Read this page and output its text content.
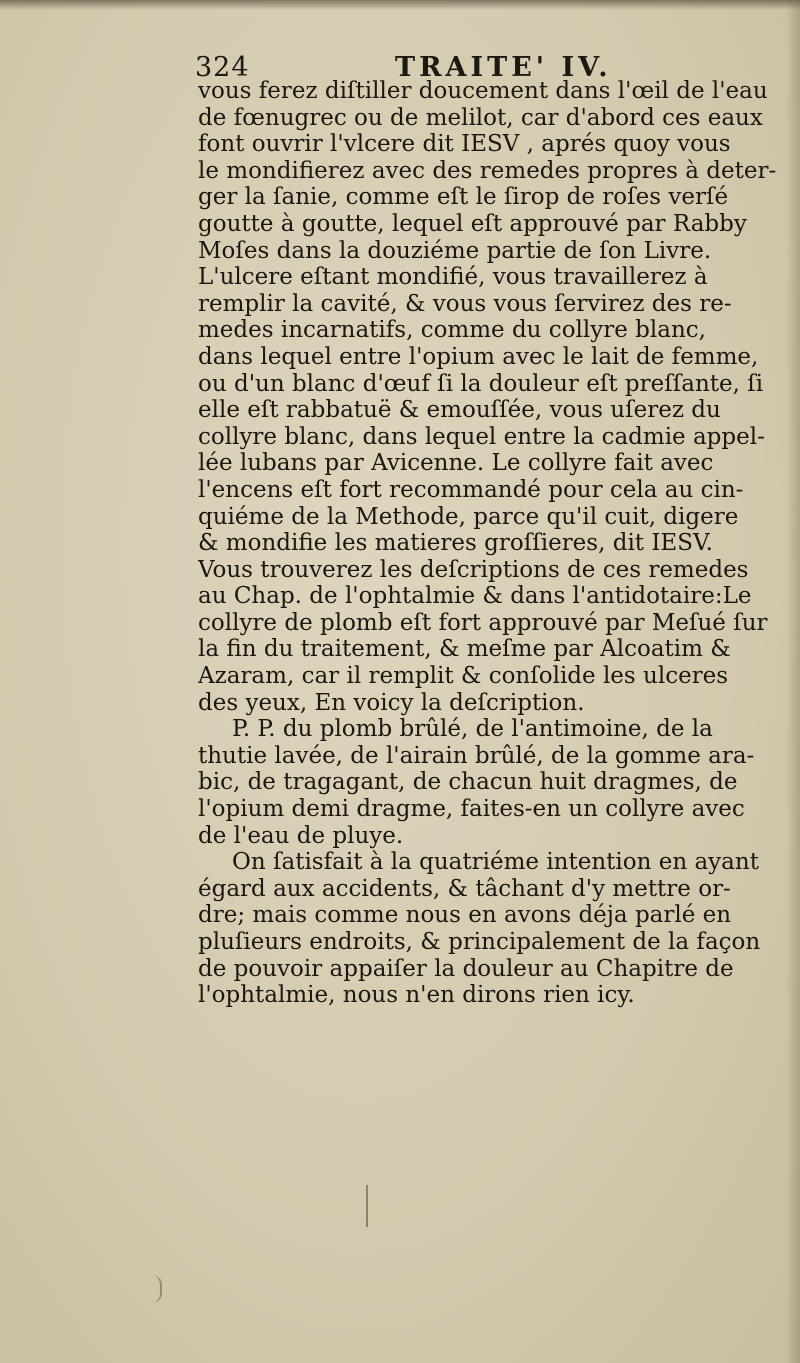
324	TRAITE' IV.
vous ferez diſtiller doucement dans l'œil de l'eau
de fœnugrec ou de melilot, car d'abord ces eaux
font ouvrir l'vlcere dit IESV , aprés quoy vous
le mondifierez avec des remedes propres à deter-
ger la ſanie, comme eſt le ſirop de roſes verſé
goutte à goutte, lequel eſt approuvé par Rabby
Moſes dans la douziéme partie de ſon Livre.
L'ulcere eſtant mondifié, vous travaillerez à
remplir la cavité, & vous vous ſervirez des re-
medes incarnatifs, comme du collyre blanc,
dans lequel entre l'opium avec le lait de femme,
ou d'un blanc d'œuf ſi la douleur eſt preſſante, ſi
elle eſt rabbatuë & emouſſée, vous uſerez du
collyre blanc, dans lequel entre la cadmie appel-
lée lubans par Avicenne. Le collyre fait avec
l'encens eſt fort recommandé pour cela au cin-
quiéme de la Methode, parce qu'il cuit, digere
& mondifie les matieres groſſieres, dit IESV.
Vous trouverez les deſcriptions de ces remedes
au Chap. de l'ophtalmie & dans l'antidotaire:Le
collyre de plomb eſt fort approuvé par Meſué ſur
la fin du traitement, & meſme par Alcoatim &
Azaram, car il remplit & conſolide les ulceres
des yeux, En voicy la deſcription.
P. P. du plomb brûlé, de l'antimoine, de la
thutie lavée, de l'airain brûlé, de la gomme ara-
bic, de tragagant, de chacun huit dragmes, de
l'opium demi dragme, faites-en un collyre avec
de l'eau de pluye.
On ſatisfait à la quatriéme intention en ayant
égard aux accidents, & tâchant d'y mettre or-
dre; mais comme nous en avons déja parlé en
pluſieurs endroits, & principalement de la façon
de pouvoir appaiſer la douleur au Chapitre de
l'ophtalmie, nous n'en dirons rien icy.
